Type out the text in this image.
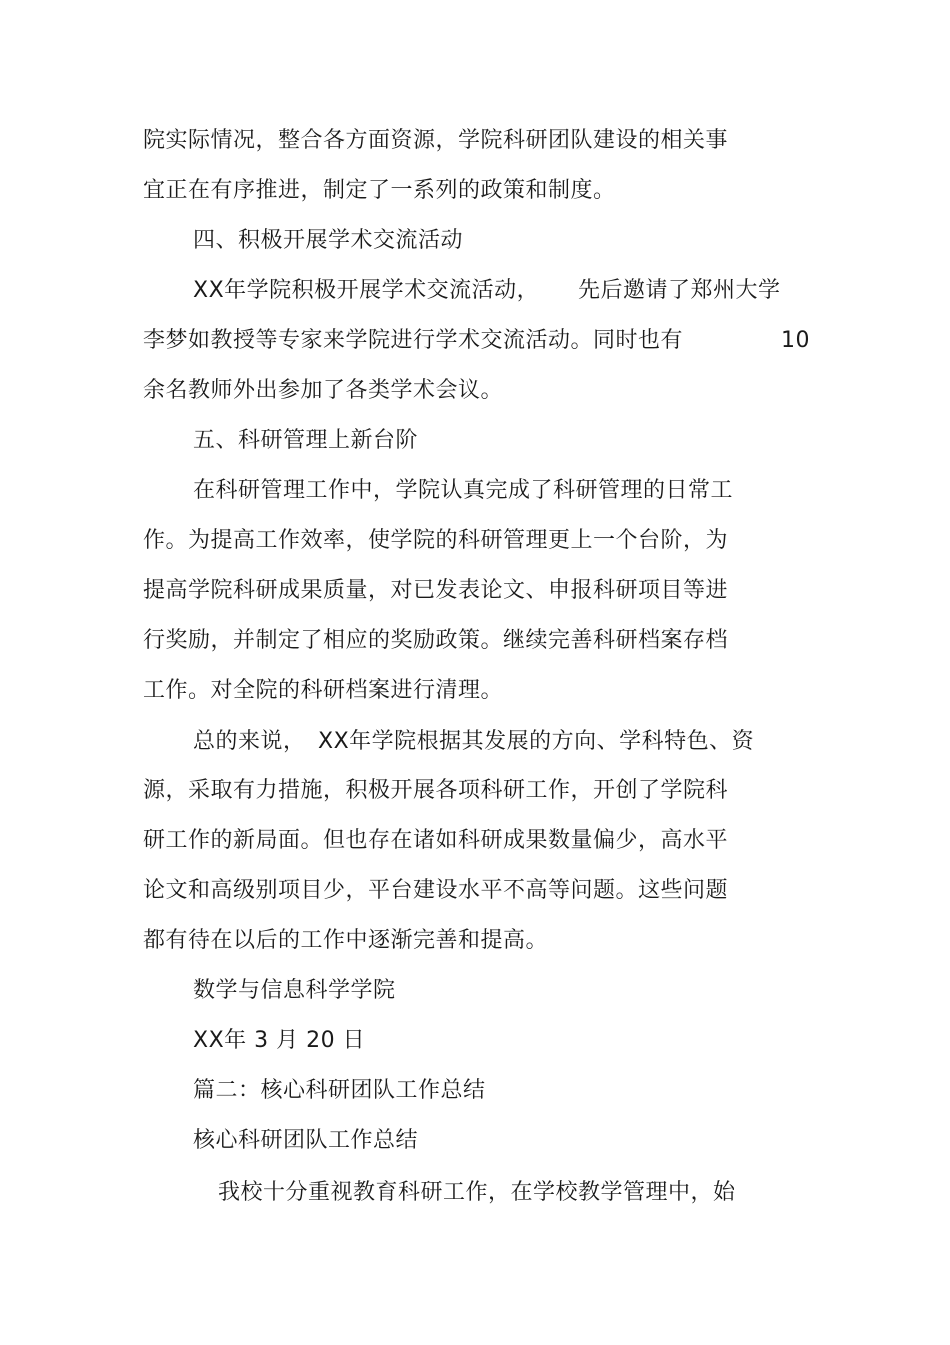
院实际情况，整合各方面资源，学院科研团队建设的相关事
宜正在有序推进，制定了一系列的政策和制度。
四、积极开展学术交流活动
XX年学院积极开展学术交流活动， 先后邀请了郑州大学
李梦如教授等专家来学院进行学术交流活动。同时也有	10
余名教师外出参加了各类学术会议。
五、科研管理上新台阶
在科研管理工作中，学院认真完成了科研管理的日常工
作。为提高工作效率，使学院的科研管理更上一个台阶，为
提高学院科研成果质量，对已发表论文、申报科研项目等进
行奖励，并制定了相应的奖励政策。继续完善科研档案存档
工作。对全院的科研档案进行清理。
总的来说， XX年学院根据其发展的方向、学科特色、资
源，采取有力措施，积极开展各项科研工作，开创了学院科
研工作的新局面。但也存在诸如科研成果数量偏少，高水平
论文和高级别项目少，平台建设水平不高等问题。这些问题
都有待在以后的工作中逐渐完善和提高。
数学与信息科学学院
XX年 3 月 20 日
篇二：核心科研团队工作总结
核心科研团队工作总结
我校十分重视教育科研工作，在学校教学管理中，始
